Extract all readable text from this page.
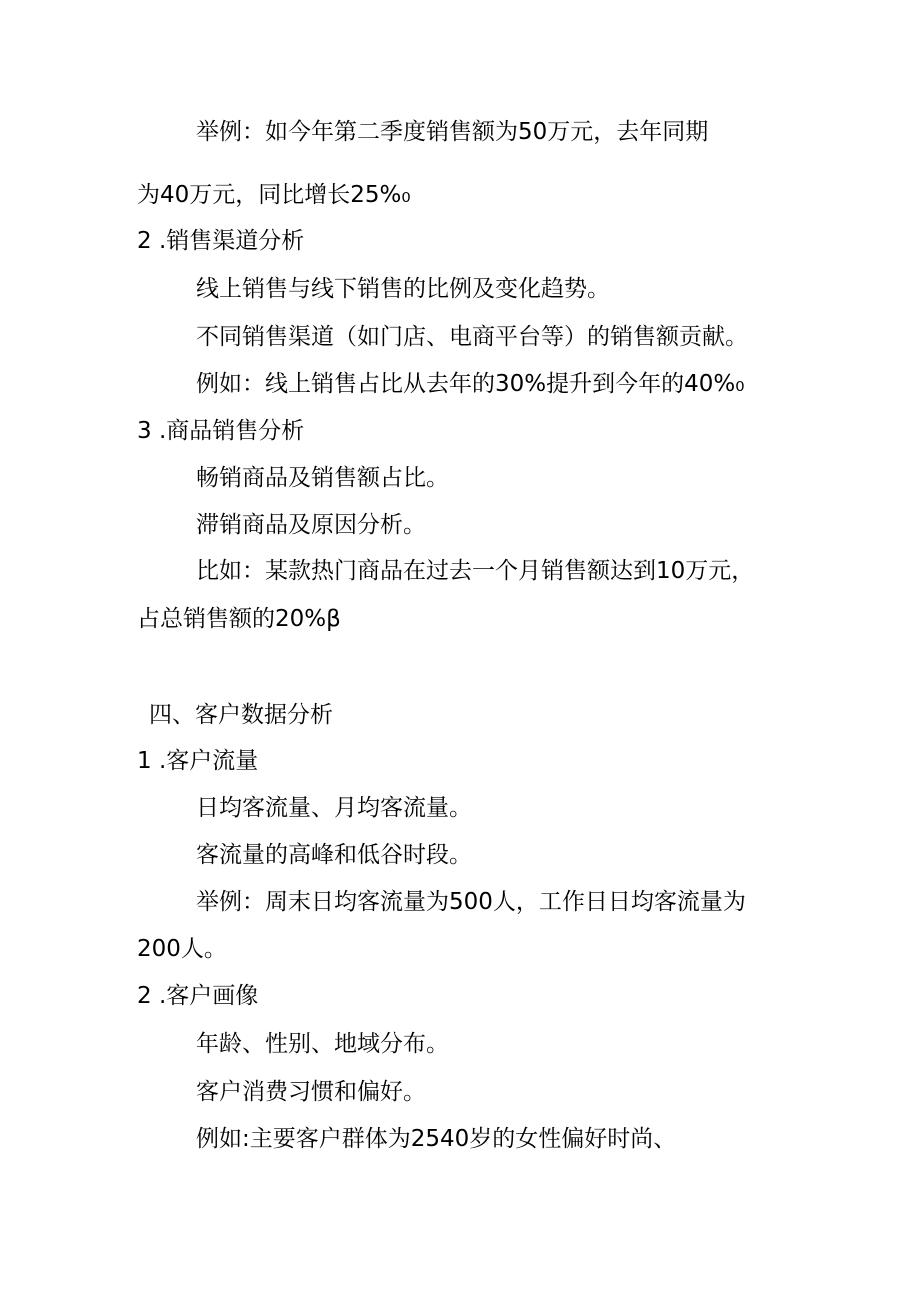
举例：如今年第二季度销售额为50万元，去年同期

为40万元，同比增长25%₀

2 .销售渠道分析

线上销售与线下销售的比例及变化趋势。

不同销售渠道（如门店、电商平台等）的销售额贡献。

例如：线上销售占比从去年的30%提升到今年的40%₀

3 .商品销售分析

畅销商品及销售额占比。

滞销商品及原因分析。

比如：某款热门商品在过去一个月销售额达到10万元，

占总销售额的20%β

四、客户数据分析

1 .客户流量

日均客流量、月均客流量。

客流量的高峰和低谷时段。

举例：周末日均客流量为500人，工作日日均客流量为

200人。

2 .客户画像

年龄、性别、地域分布。

客户消费习惯和偏好。

例如:主要客户群体为2540岁的女性偏好时尚、
